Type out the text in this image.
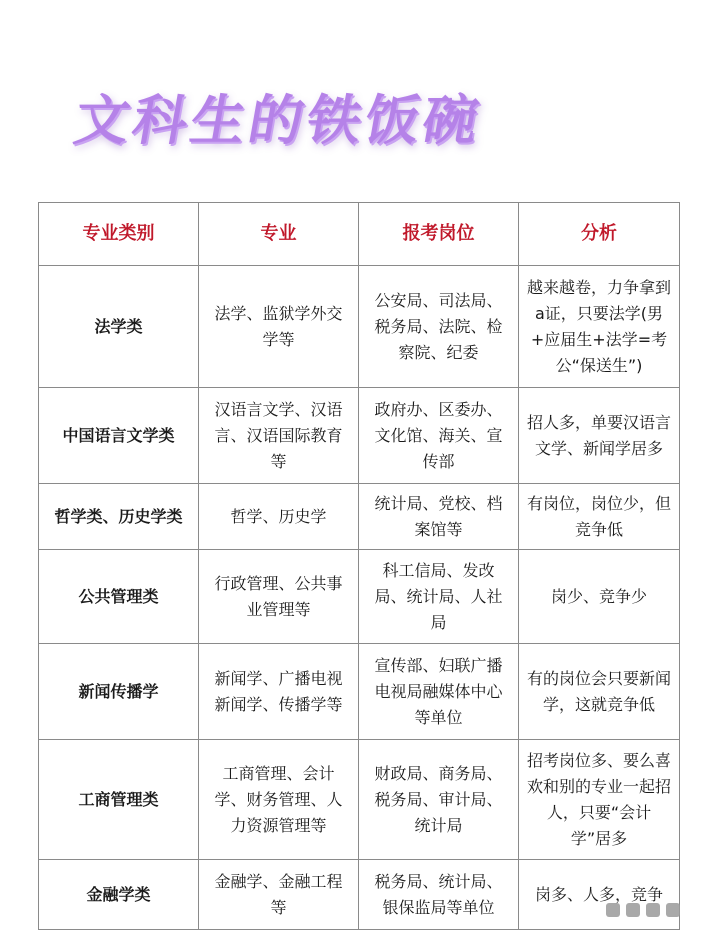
文科生的铁饭碗
专业类别	专业	报考岗位	分析
法学类	法学、监狱学外交学等	公安局、司法局、税务局、法院、检察院、纪委	越来越卷，力争拿到a证，只要法学(男+应届生+法学=考公“保送生”)
中国语言文学类	汉语言文学、汉语言、汉语国际教育等	政府办、区委办、文化馆、海关、宣传部	招人多，单要汉语言文学、新闻学居多
哲学类、历史学类	哲学、历史学	统计局、党校、档案馆等	有岗位，岗位少，但竞争低
公共管理类	行政管理、公共事业管理等	科工信局、发改局、统计局、人社局	岗少、竞争少
新闻传播学	新闻学、广播电视新闻学、传播学等	宣传部、妇联广播电视局融媒体中心等单位	有的岗位会只要新闻学，这就竞争低
工商管理类	工商管理、会计学、财务管理、人力资源管理等	财政局、商务局、税务局、审计局、统计局	招考岗位多、要么喜欢和别的专业一起招人，只要“会计学”居多
金融学类	金融学、金融工程等	税务局、统计局、银保监局等单位	岗多、人多，竞争
